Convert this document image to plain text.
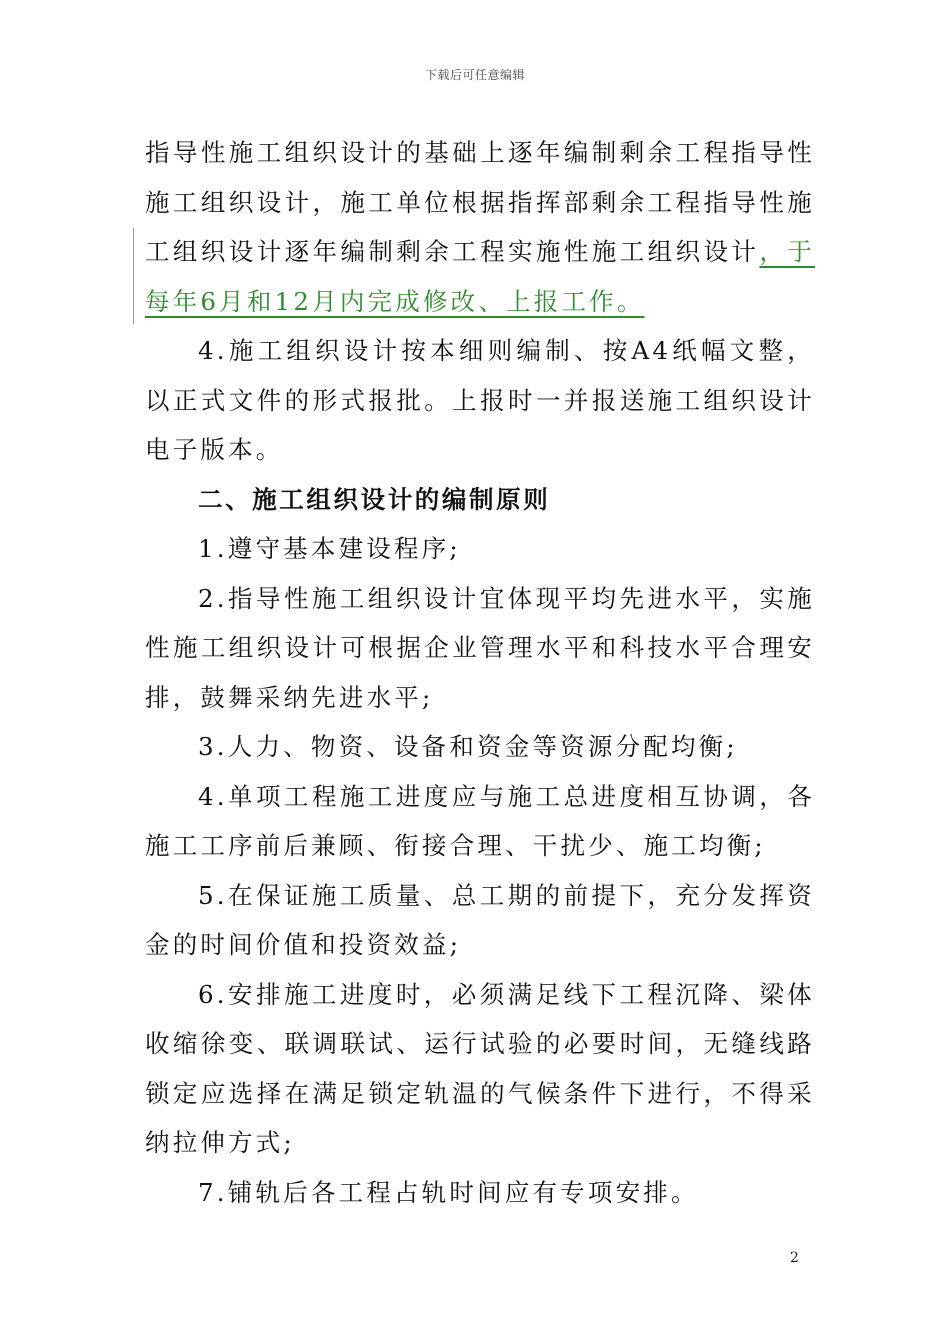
下载后可任意编辑

指导性施工组织设计的基础上逐年编制剩余工程指导性施工组织设计，施工单位根据指挥部剩余工程指导性施工组织设计逐年编制剩余工程实施性施工组织设计，于每年6月和12月内完成修改、上报工作。

4.施工组织设计按本细则编制、按A4纸幅文整，以正式文件的形式报批。上报时一并报送施工组织设计电子版本。

二、施工组织设计的编制原则

1.遵守基本建设程序;

2.指导性施工组织设计宜体现平均先进水平，实施性施工组织设计可根据企业管理水平和科技水平合理安排，鼓舞采纳先进水平;

3.人力、物资、设备和资金等资源分配均衡;

4.单项工程施工进度应与施工总进度相互协调，各施工工序前后兼顾、衔接合理、干扰少、施工均衡;

5.在保证施工质量、总工期的前提下，充分发挥资金的时间价值和投资效益;

6.安排施工进度时，必须满足线下工程沉降、梁体收缩徐变、联调联试、运行试验的必要时间，无缝线路锁定应选择在满足锁定轨温的气候条件下进行，不得采纳拉伸方式;

7.铺轨后各工程占轨时间应有专项安排。

2
